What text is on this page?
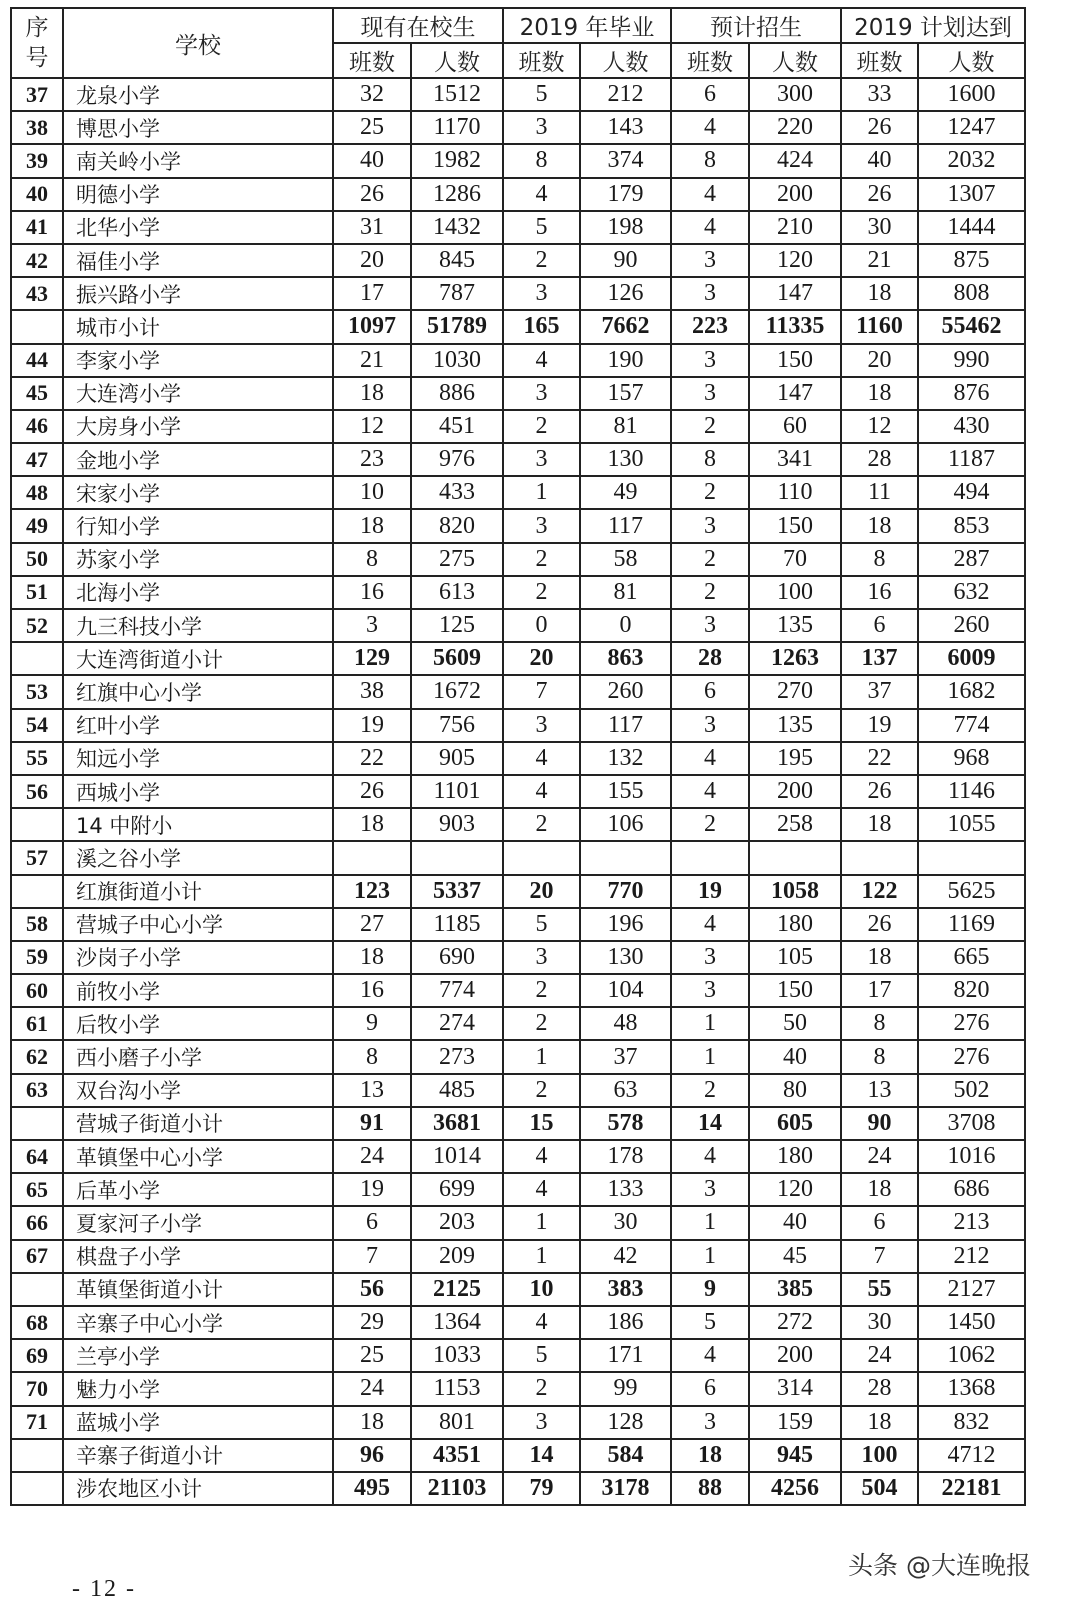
序号	学校	现有在校生		2019 年毕业		预计招生		2019 计划达到	
		班数	人数	班数	人数	班数	人数	班数	人数
37	龙泉小学	32	1512	5	212	6	300	33	1600
38	博思小学	25	1170	3	143	4	220	26	1247
39	南关岭小学	40	1982	8	374	8	424	40	2032
40	明德小学	26	1286	4	179	4	200	26	1307
41	北华小学	31	1432	5	198	4	210	30	1444
42	福佳小学	20	845	2	90	3	120	21	875
43	振兴路小学	17	787	3	126	3	147	18	808
	城市小计	1097	51789	165	7662	223	11335	1160	55462
44	李家小学	21	1030	4	190	3	150	20	990
45	大连湾小学	18	886	3	157	3	147	18	876
46	大房身小学	12	451	2	81	2	60	12	430
47	金地小学	23	976	3	130	8	341	28	1187
48	宋家小学	10	433	1	49	2	110	11	494
49	行知小学	18	820	3	117	3	150	18	853
50	苏家小学	8	275	2	58	2	70	8	287
51	北海小学	16	613	2	81	2	100	16	632
52	九三科技小学	3	125	0	0	3	135	6	260
	大连湾街道小计	129	5609	20	863	28	1263	137	6009
53	红旗中心小学	38	1672	7	260	6	270	37	1682
54	红叶小学	19	756	3	117	3	135	19	774
55	知远小学	22	905	4	132	4	195	22	968
56	西城小学	26	1101	4	155	4	200	26	1146
	14 中附小	18	903	2	106	2	258	18	1055
57	溪之谷小学								
	红旗街道小计	123	5337	20	770	19	1058	122	5625
58	营城子中心小学	27	1185	5	196	4	180	26	1169
59	沙岗子小学	18	690	3	130	3	105	18	665
60	前牧小学	16	774	2	104	3	150	17	820
61	后牧小学	9	274	2	48	1	50	8	276
62	西小磨子小学	8	273	1	37	1	40	8	276
63	双台沟小学	13	485	2	63	2	80	13	502
	营城子街道小计	91	3681	15	578	14	605	90	3708
64	革镇堡中心小学	24	1014	4	178	4	180	24	1016
65	后革小学	19	699	4	133	3	120	18	686
66	夏家河子小学	6	203	1	30	1	40	6	213
67	棋盘子小学	7	209	1	42	1	45	7	212
	革镇堡街道小计	56	2125	10	383	9	385	55	2127
68	辛寨子中心小学	29	1364	4	186	5	272	30	1450
69	兰亭小学	25	1033	5	171	4	200	24	1062
70	魅力小学	24	1153	2	99	6	314	28	1368
71	蓝城小学	18	801	3	128	3	159	18	832
	辛寨子街道小计	96	4351	14	584	18	945	100	4712
	涉农地区小计	495	21103	79	3178	88	4256	504	22181
- 12 -
头条 @大连晚报
